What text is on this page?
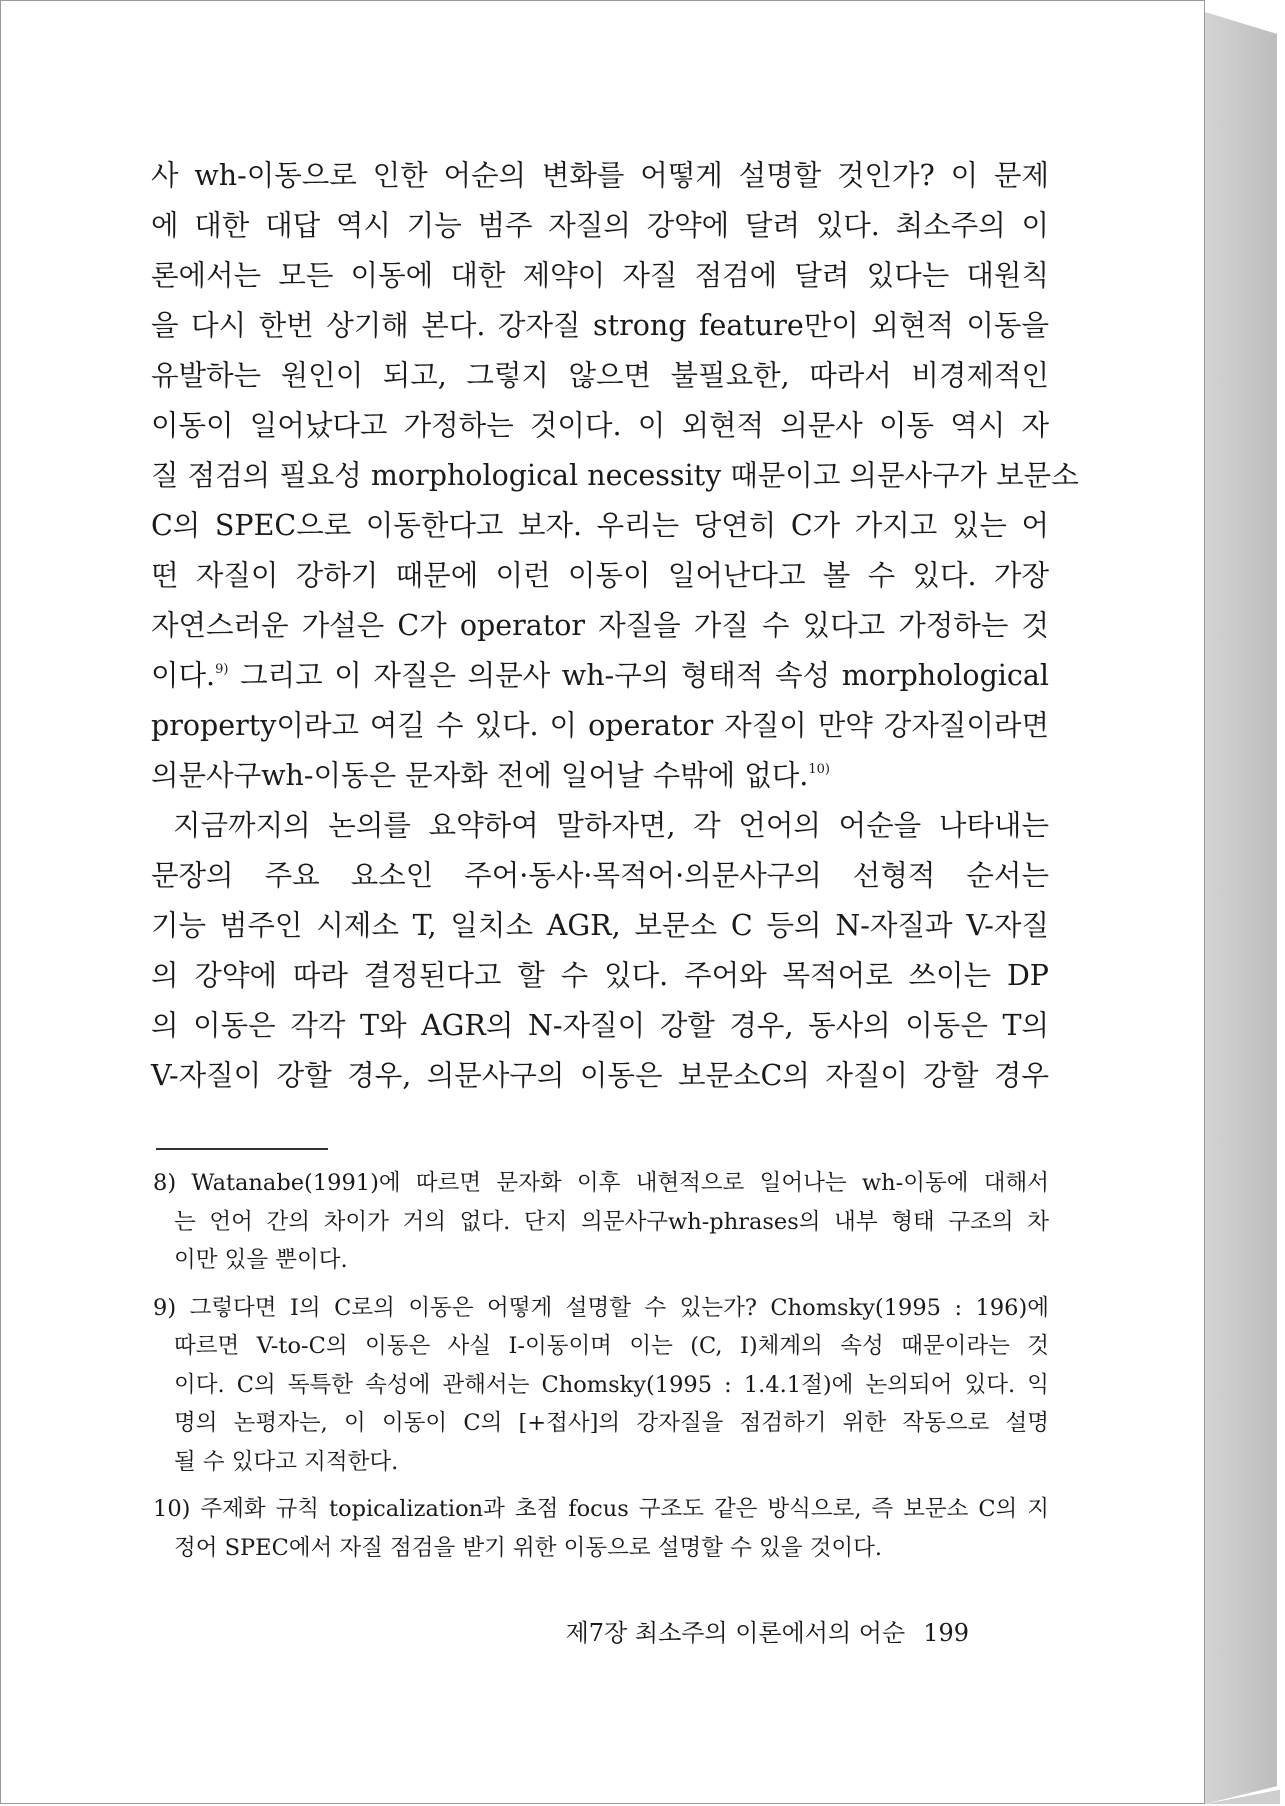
사 wh-이동으로 인한 어순의 변화를 어떻게 설명할 것인가? 이 문제
에 대한 대답 역시 기능 범주 자질의 강약에 달려 있다. 최소주의 이
론에서는 모든 이동에 대한 제약이 자질 점검에 달려 있다는 대원칙
을 다시 한번 상기해 본다. 강자질 strong feature만이 외현적 이동을
유발하는 원인이 되고, 그렇지 않으면 불필요한, 따라서 비경제적인
이동이 일어났다고 가정하는 것이다. 이 외현적 의문사 이동 역시 자
질 점검의 필요성 morphological necessity 때문이고 의문사구가 보문소
C의 SPEC으로 이동한다고 보자. 우리는 당연히 C가 가지고 있는 어
떤 자질이 강하기 때문에 이런 이동이 일어난다고 볼 수 있다. 가장
자연스러운 가설은 C가 operator 자질을 가질 수 있다고 가정하는 것
이다.$^{9)}$ 그리고 이 자질은 의문사 wh-구의 형태적 속성 morphological
property이라고 여길 수 있다. 이 operator 자질이 만약 강자질이라면
의문사구wh-이동은 문자화 전에 일어날 수밖에 없다.$^{10)}$
지금까지의 논의를 요약하여 말하자면, 각 언어의 어순을 나타내는
문장의 주요 요소인 주어·동사·목적어·의문사구의 선형적 순서는
기능 범주인 시제소 T, 일치소 AGR, 보문소 C 등의 N-자질과 V-자질
의 강약에 따라 결정된다고 할 수 있다. 주어와 목적어로 쓰이는 DP
의 이동은 각각 T와 AGR의 N-자질이 강할 경우, 동사의 이동은 T의
V-자질이 강할 경우, 의문사구의 이동은 보문소C의 자질이 강할 경우
8) Watanabe(1991)에 따르면 문자화 이후 내현적으로 일어나는 wh-이동에 대해서
는 언어 간의 차이가 거의 없다. 단지 의문사구wh-phrases의 내부 형태 구조의 차
이만 있을 뿐이다.
9) 그렇다면 I의 C로의 이동은 어떻게 설명할 수 있는가? Chomsky(1995 : 196)에
따르면 V-to-C의 이동은 사실 I-이동이며 이는 (C, I)체계의 속성 때문이라는 것
이다. C의 독특한 속성에 관해서는 Chomsky(1995 : 1.4.1절)에 논의되어 있다. 익
명의 논평자는, 이 이동이 C의 [+접사]의 강자질을 점검하기 위한 작동으로 설명
될 수 있다고 지적한다.
10) 주제화 규칙 topicalization과 초점 focus 구조도 같은 방식으로, 즉 보문소 C의 지
정어 SPEC에서 자질 점검을 받기 위한 이동으로 설명할 수 있을 것이다.
제7장 최소주의 이론에서의 어순 199
